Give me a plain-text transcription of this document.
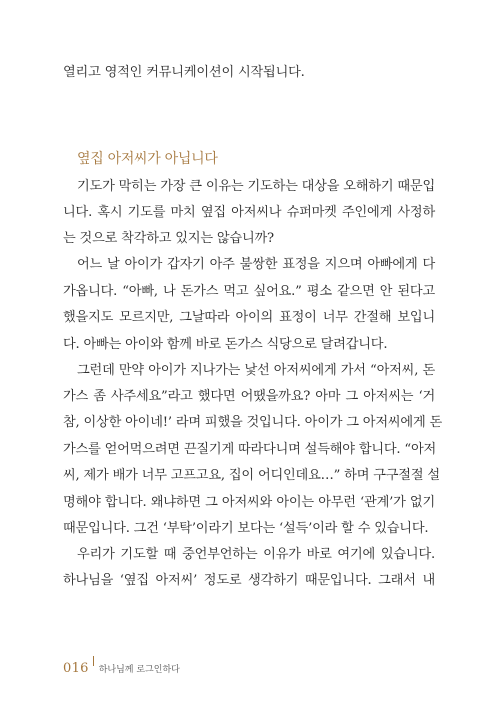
열리고 영적인 커뮤니케이션이 시작됩니다.
옆집 아저씨가 아닙니다
기도가 막히는 가장 큰 이유는 기도하는 대상을 오해하기 때문입
니다. 혹시 기도를 마치 옆집 아저씨나 슈퍼마켓 주인에게 사정하
는 것으로 착각하고 있지는 않습니까?
어느 날 아이가 갑자기 아주 불쌍한 표정을 지으며 아빠에게 다
가옵니다. “아빠, 나 돈가스 먹고 싶어요.” 평소 같으면 안 된다고
했을지도 모르지만, 그날따라 아이의 표정이 너무 간절해 보입니
다. 아빠는 아이와 함께 바로 돈가스 식당으로 달려갑니다.
그런데 만약 아이가 지나가는 낯선 아저씨에게 가서 “아저씨, 돈
가스 좀 사주세요”라고 했다면 어땠을까요? 아마 그 아저씨는 ‘거
참, 이상한 아이네!’ 라며 피했을 것입니다. 아이가 그 아저씨에게 돈
가스를 얻어먹으려면 끈질기게 따라다니며 설득해야 합니다. “아저
씨, 제가 배가 너무 고프고요, 집이 어디인데요…” 하며 구구절절 설
명해야 합니다. 왜냐하면 그 아저씨와 아이는 아무런 ‘관계’가 없기
때문입니다. 그건 ‘부탁’이라기 보다는 ‘설득’이라 할 수 있습니다.
우리가 기도할 때 중언부언하는 이유가 바로 여기에 있습니다.
하나님을 ‘옆집 아저씨’ 정도로 생각하기 때문입니다. 그래서 내
016 하나님께 로그인하다
